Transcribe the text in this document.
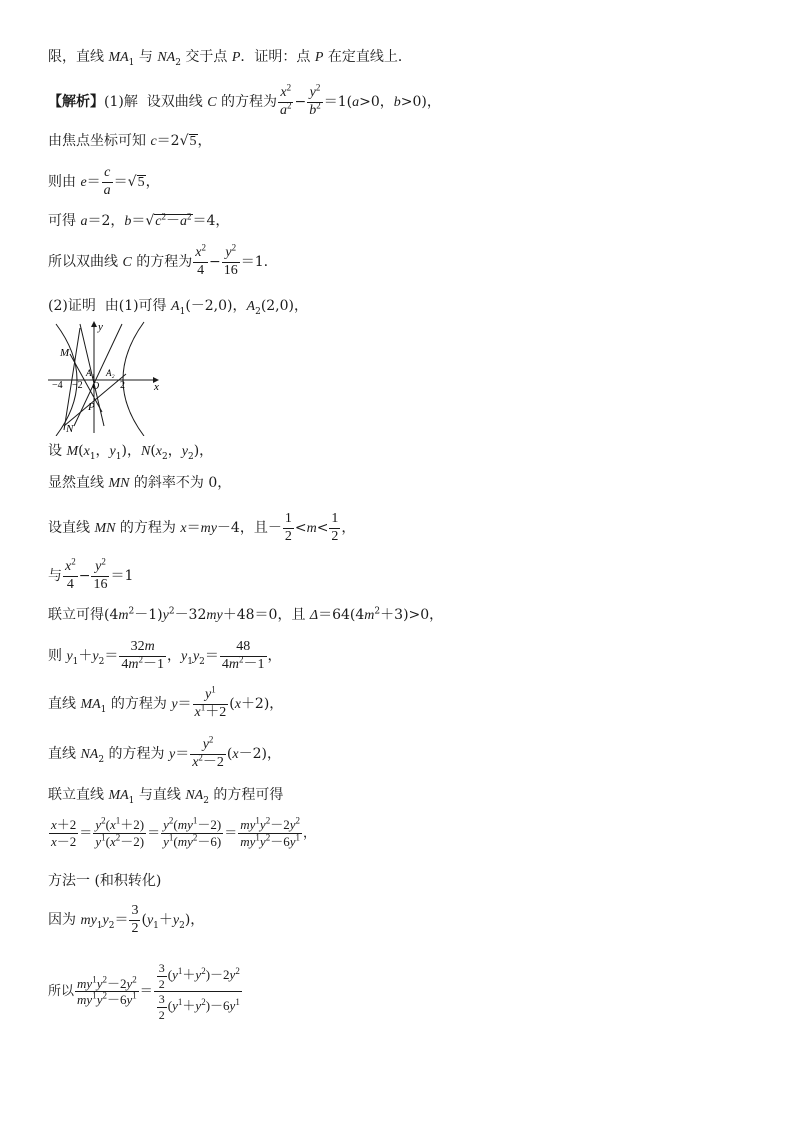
限，直线 $MA_1$ 与 $NA_2$ 交于点 P．证明：点 P 在定直线上．
【解析】(1)解  设双曲线 C 的方程为 $\frac{x^2}{a^2} - \frac{y^2}{b^2} =1(a>0$，b>0)，
由焦点坐标可知 c＝2√5，
则由 $e= \frac{c}{a} =√5$，
可得 a＝2，$b=√c^2-a^2=4$，
所以双曲线 C 的方程为 $\frac{x^2}{4} - \frac{y^2}{16} =1$.
(2)证明  由(1)可得 $A_1(-2,0)$，$A_2(2,0)$，
y
x
M
A₁ A₂
−4 −2 O 2
P
N
设 $M(x_1$，$y_1$)，$N(x_2$，$y_2$)，
显然直线 MN 的斜率不为 0，
设直线 MN 的方程为 x＝my－4，且－ $\frac{1}{2} <m< \frac{1}{2}$ ，
与 $\frac{x^2}{4} - \frac{y^2}{16} =1$
联立可得$(4m^2-1)y^2-32my+48=0$，且 $\Delta=64(4m^2+3)>0$，
则 $y_1+y_2= \frac{32m}{4m^2-1}$ ，$y_1y_2= \frac{48}{4m^2-1}$ ，
直线 $MA_1$ 的方程为 $y= \frac{y^1}{x^1+2} (x+2)$，
直线 $NA_2$ 的方程为 $y= \frac{y^2}{x^2-2} (x-2)$，
联立直线 $MA_1$ 与直线 $NA_2$ 的方程可得
$\frac{x+2}{x-2} = \frac{y^2(x^1+2)}{y^1(x^2-2)} = \frac{y^2(my^1-2)}{y^1(my^2-6)} = \frac{my^1y^2-2y^2}{my^1y^2-6y^1}$ ，
方法一 (和积转化)
因为 $my_1y_2= \frac{3}{2} (y_1+y_2)$，
所以 $\frac{my^1y^2-2y^2}{my^1y^2-6y^1} = \frac{\frac{3}{2} (y^1+y^2)-2y^2}{\frac{3}{2} (y^1+y^2)-6y^1}$
